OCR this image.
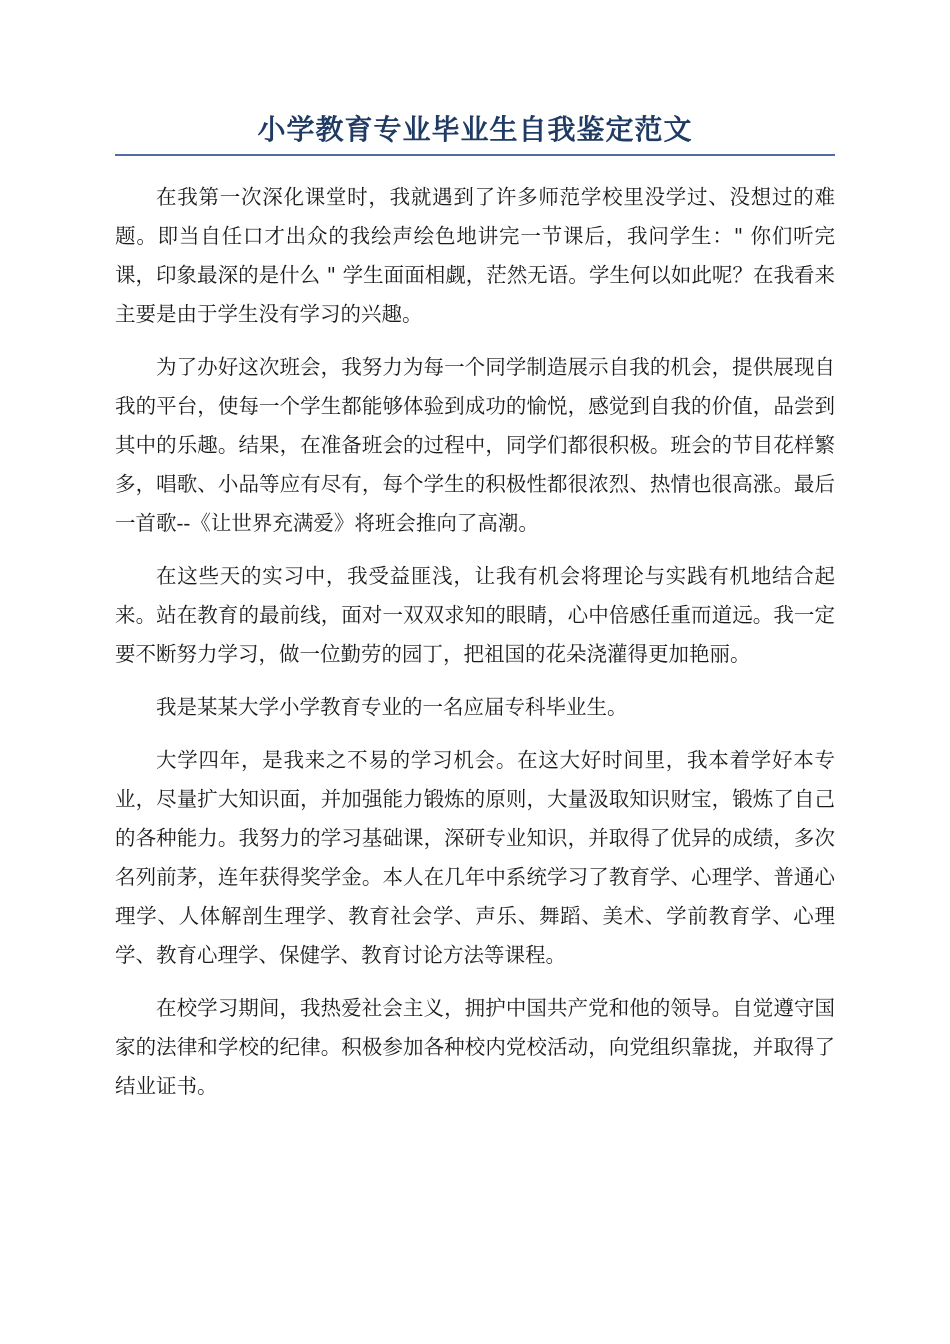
小学教育专业毕业生自我鉴定范文

在我第一次深化课堂时，我就遇到了许多师范学校里没学过、没想过的难题。即当自任口才出众的我绘声绘色地讲完一节课后，我问学生：" 你们听完课，印象最深的是什么 " 学生面面相觑，茫然无语。学生何以如此呢？在我看来主要是由于学生没有学习的兴趣。

为了办好这次班会，我努力为每一个同学制造展示自我的机会，提供展现自我的平台，使每一个学生都能够体验到成功的愉悦，感觉到自我的价值，品尝到其中的乐趣。结果，在准备班会的过程中，同学们都很积极。班会的节目花样繁多，唱歌、小品等应有尽有，每个学生的积极性都很浓烈、热情也很高涨。最后一首歌--《让世界充满爱》将班会推向了高潮。

在这些天的实习中，我受益匪浅，让我有机会将理论与实践有机地结合起来。站在教育的最前线，面对一双双求知的眼睛，心中倍感任重而道远。我一定要不断努力学习，做一位勤劳的园丁，把祖国的花朵浇灌得更加艳丽。

我是某某大学小学教育专业的一名应届专科毕业生。

大学四年，是我来之不易的学习机会。在这大好时间里，我本着学好本专业，尽量扩大知识面，并加强能力锻炼的原则，大量汲取知识财宝，锻炼了自己的各种能力。我努力的学习基础课，深研专业知识，并取得了优异的成绩，多次名列前茅，连年获得奖学金。本人在几年中系统学习了教育学、心理学、普通心理学、人体解剖生理学、教育社会学、声乐、舞蹈、美术、学前教育学、心理学、教育心理学、保健学、教育讨论方法等课程。

在校学习期间，我热爱社会主义，拥护中国共产党和他的领导。自觉遵守国家的法律和学校的纪律。积极参加各种校内党校活动，向党组织靠拢，并取得了结业证书。
